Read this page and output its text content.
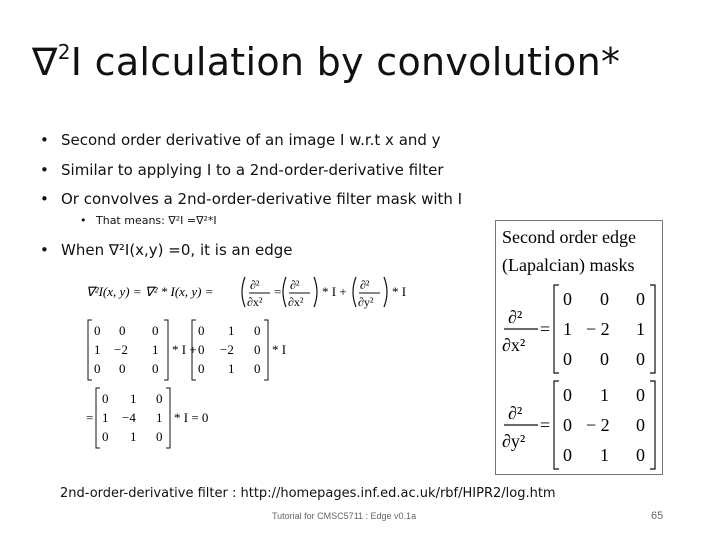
∇$^2$I calculation by convolution*
• Second order derivative of an image I w.r.t x and y
• Similar to applying I to a 2nd-order-derivative filter
• Or convolves a 2nd-order-derivative filter mask with I
• That means: ∇²I =∇²*I
• When ∇²I(x,y) =0, it is an edge
∇²I(x, y) = ∇² * I(x, y) =	∂²
∂x²
= ∂²
∂x²
* I + ∂²
∂y²
* I
0 0 0
1 −2 1
0 0 0
* I +
0 1 0
0 −2 0
0 1 0
* I
=
0 1 0
1 −4 1
0 1 0
* I = 0
Second order edge
(Lapalcian) masks
∂²
∂x²
=
0 0 0
1 − 2 1
0 0 0
∂²
∂y²
=
0 1 0
0 − 2 0
0 1 0
2nd-order-derivative filter : http://homepages.inf.ed.ac.uk/rbf/HIPR2/log.htm
Tutorial for CMSC5711 : Edge v0.1a	65
